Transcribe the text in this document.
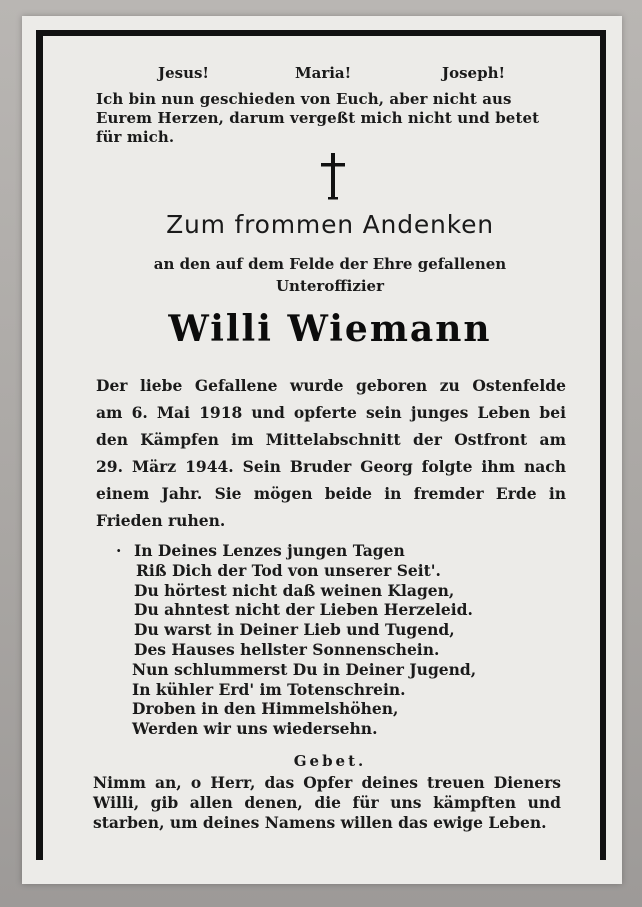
Jesus!	Maria!	Joseph!
Ich bin nun geschieden von Euch, aber nicht aus
Eurem Herzen, darum vergeßt mich nicht und betet
für mich.
Zum frommen Andenken
an den auf dem Felde der Ehre gefallenen
Unteroffizier
Willi Wiemann
Der liebe Gefallene wurde geboren zu Ostenfelde
am 6. Mai 1918 und opferte sein junges Leben bei
den Kämpfen im Mittelabschnitt der Ostfront am
29. März 1944. Sein Bruder Georg folgte ihm nach
einem Jahr. Sie mögen beide in fremder Erde in
Frieden ruhen.
· In Deines Lenzes jungen Tagen
Riß Dich der Tod von unserer Seit'.
Du hörtest nicht daß weinen Klagen,
Du ahntest nicht der Lieben Herzeleid.
Du warst in Deiner Lieb und Tugend,
Des Hauses hellster Sonnenschein.
Nun schlummerst Du in Deiner Jugend,
In kühler Erd' im Totenschrein.
Droben in den Himmelshöhen,
Werden wir uns wiedersehn.
Gebet.
Nimm an, o Herr, das Opfer deines treuen Dieners
Willi, gib allen denen, die für uns kämpften und
starben, um deines Namens willen das ewige Leben.
